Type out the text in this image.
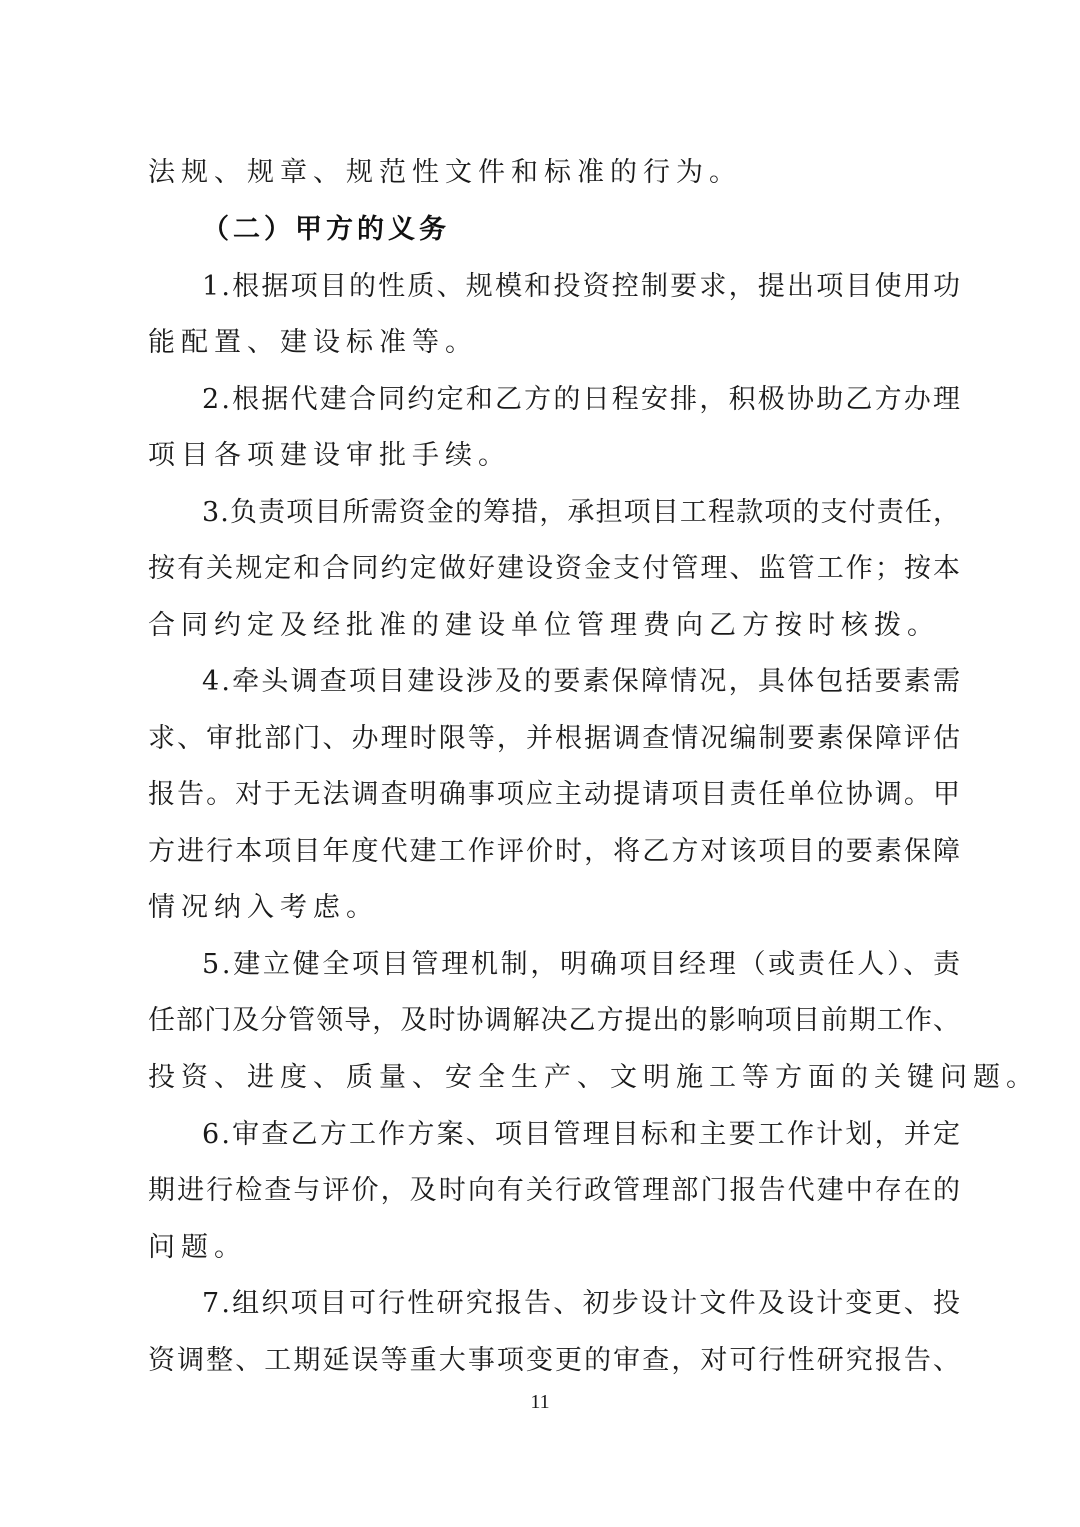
法规、规章、规范性文件和标准的行为。
（二）甲方的义务
1.根据项目的性质、规模和投资控制要求，提出项目使用功
能配置、建设标准等。
2.根据代建合同约定和乙方的日程安排，积极协助乙方办理
项目各项建设审批手续。
3.负责项目所需资金的筹措，承担项目工程款项的支付责任，
按有关规定和合同约定做好建设资金支付管理、监管工作；按本
合同约定及经批准的建设单位管理费向乙方按时核拨。
4.牵头调查项目建设涉及的要素保障情况，具体包括要素需
求、审批部门、办理时限等，并根据调查情况编制要素保障评估
报告。对于无法调查明确事项应主动提请项目责任单位协调。甲
方进行本项目年度代建工作评价时，将乙方对该项目的要素保障
情况纳入考虑。
5.建立健全项目管理机制，明确项目经理（或责任人）、责
任部门及分管领导，及时协调解决乙方提出的影响项目前期工作、
投资、进度、质量、安全生产、文明施工等方面的关键问题。
6.审查乙方工作方案、项目管理目标和主要工作计划，并定
期进行检查与评价，及时向有关行政管理部门报告代建中存在的
问题。
7.组织项目可行性研究报告、初步设计文件及设计变更、投
资调整、工期延误等重大事项变更的审查，对可行性研究报告、
11
